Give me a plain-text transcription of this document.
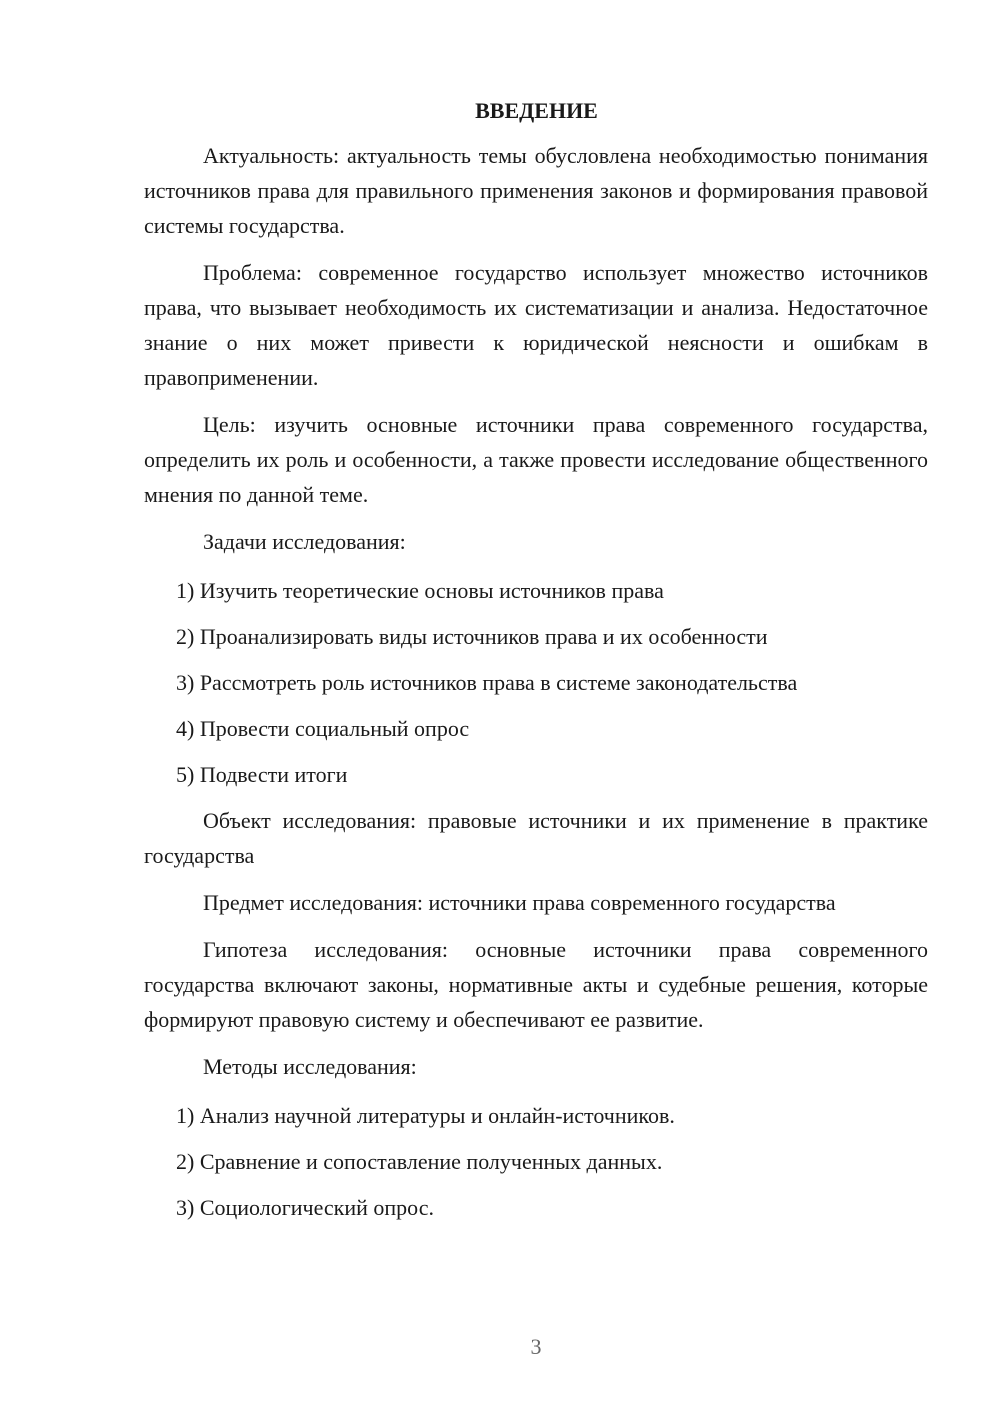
ВВЕДЕНИЕ

Актуальность: актуальность темы обусловлена необходимостью понимания источников права для правильного применения законов и формирования правовой системы государства.

Проблема: современное государство использует множество источников права, что вызывает необходимость их систематизации и анализа. Недостаточное знание о них может привести к юридической неясности и ошибкам в правоприменении.

Цель: изучить основные источники права современного государства, определить их роль и особенности, а также провести исследование общественного мнения по данной теме.

Задачи исследования:

1) Изучить теоретические основы источников права
2) Проанализировать виды источников права и их особенности
3) Рассмотреть роль источников права в системе законодательства
4) Провести социальный опрос
5) Подвести итоги

Объект исследования: правовые источники и их применение в практике государства

Предмет исследования: источники права современного государства

Гипотеза исследования: основные источники права современного государства включают законы, нормативные акты и судебные решения, которые формируют правовую систему и обеспечивают ее развитие.

Методы исследования:

1) Анализ научной литературы и онлайн-источников.
2) Сравнение и сопоставление полученных данных.
3) Социологический опрос.
3
